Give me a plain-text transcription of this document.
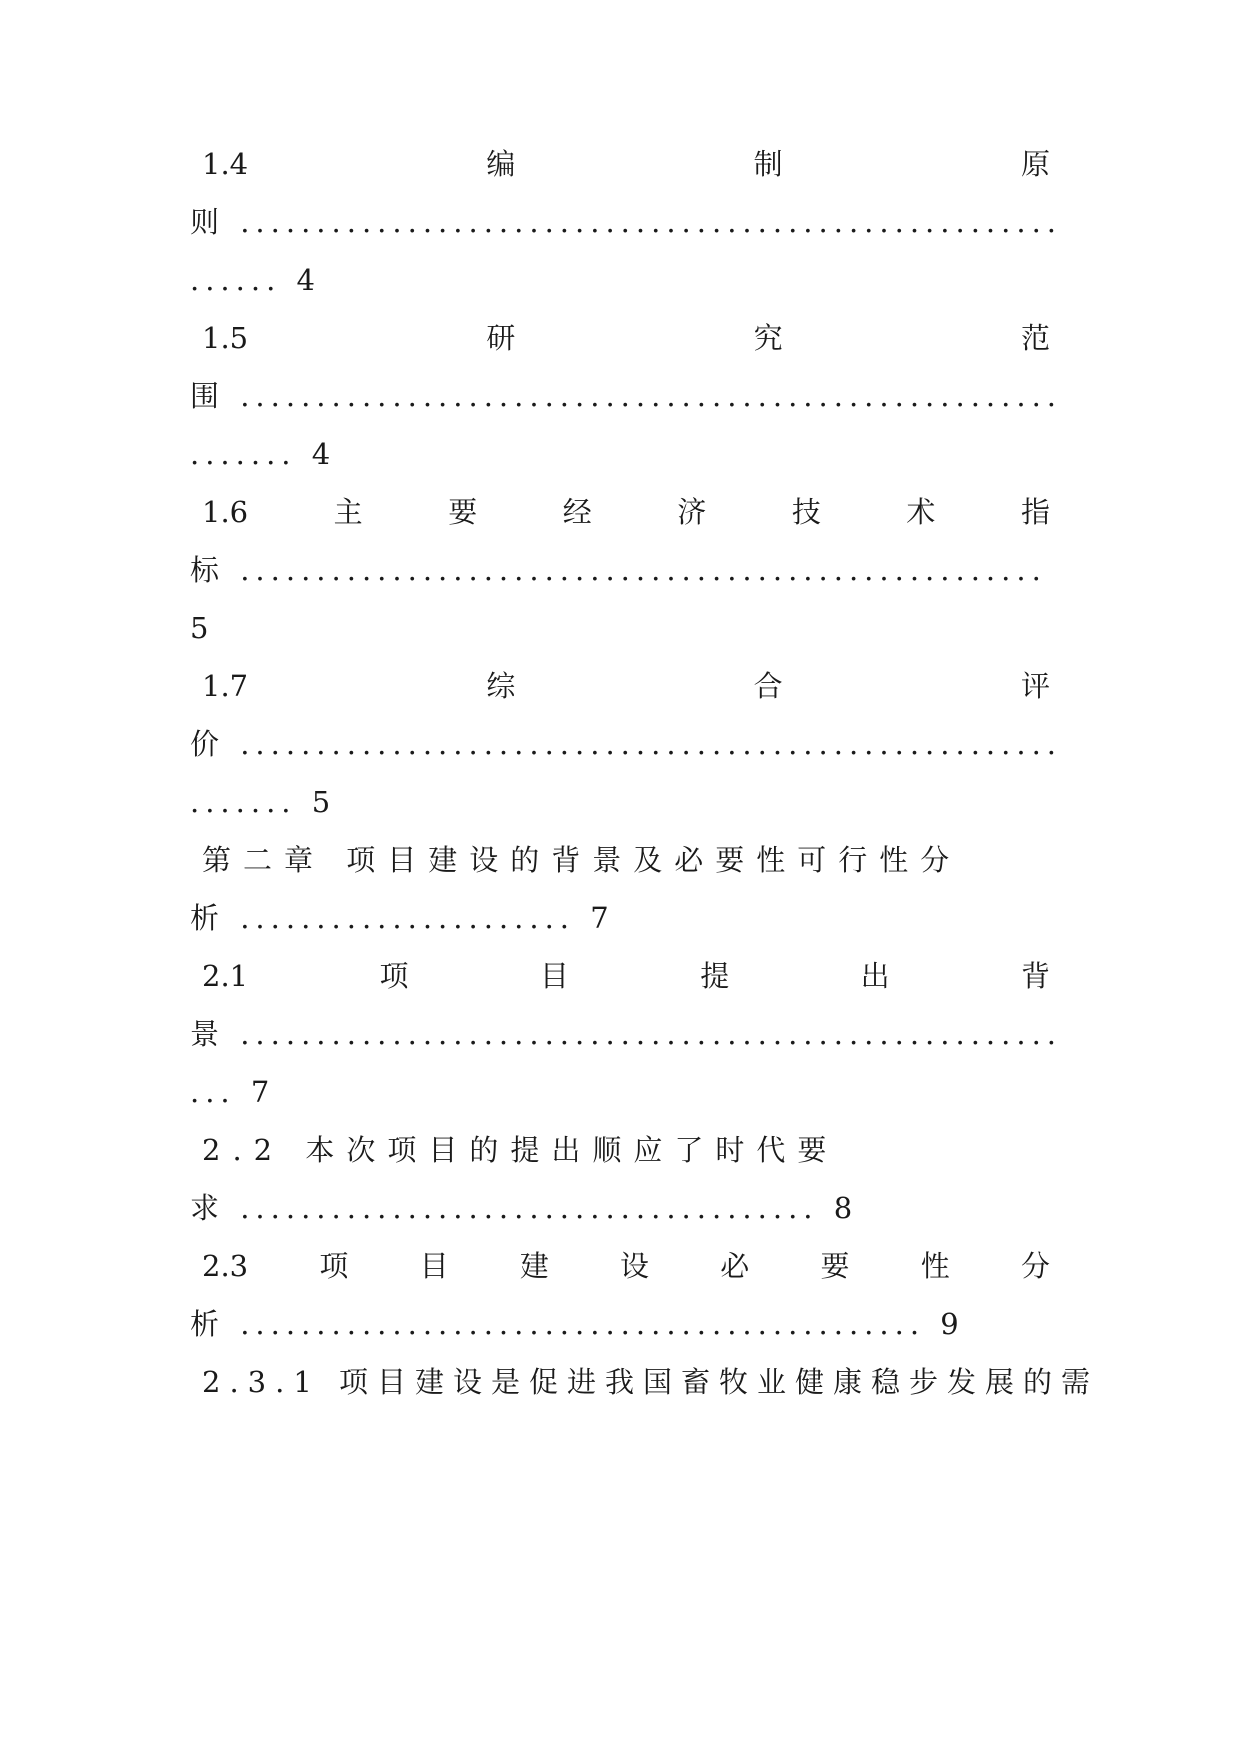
1.4	编	制	原
则 ......................................................
...... 4
1.5	研	究	范
围 ......................................................
....... 4
1.6	主	要	经	济	技	术	指
标 .....................................................
5
1.7	综	合	评
价 ......................................................
....... 5
第二章 项目建设的背景及必要性可行性分
析 ...................... 7
2.1	项	目	提	出	背
景 ......................................................
... 7
2.2 本次项目的提出顺应了时代要
求 ...................................... 8
2.3 项 目 建 设 必 要 性 分
析 ............................................. 9
2.3.1 项目建设是促进我国畜牧业健康稳步发展的需
